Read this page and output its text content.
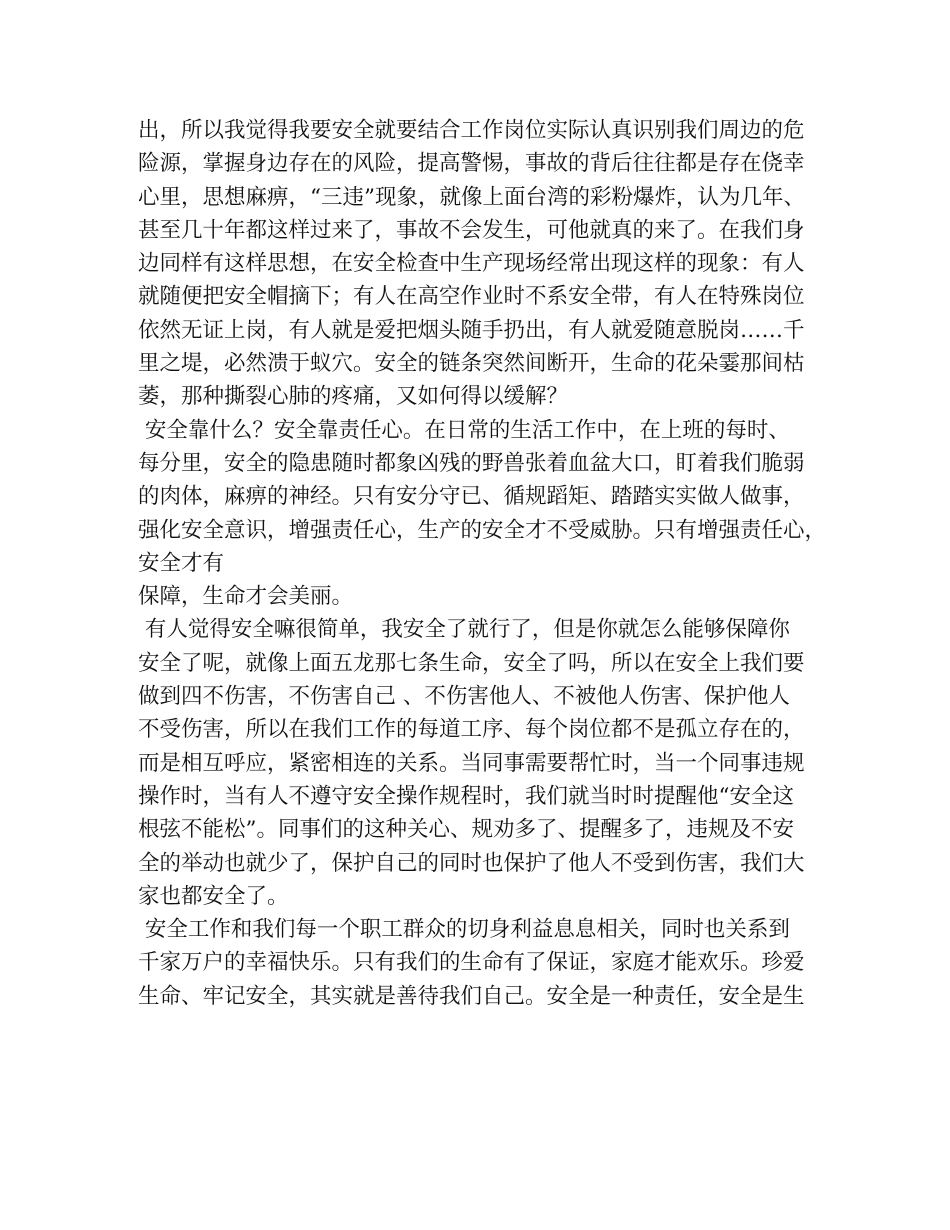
出，所以我觉得我要安全就要结合工作岗位实际认真识别我们周边的危
险源，掌握身边存在的风险，提高警惕，事故的背后往往都是存在侥幸
心里，思想麻痹，“三违”现象，就像上面台湾的彩粉爆炸，认为几年、
甚至几十年都这样过来了，事故不会发生，可他就真的来了。在我们身
边同样有这样思想，在安全检查中生产现场经常出现这样的现象：有人
就随便把安全帽摘下；有人在高空作业时不系安全带，有人在特殊岗位
依然无证上岗，有人就是爱把烟头随手扔出，有人就爱随意脱岗……千
里之堤，必然溃于蚁穴。安全的链条突然间断开，生命的花朵霎那间枯
萎，那种撕裂心肺的疼痛，又如何得以缓解？
安全靠什么？安全靠责任心。在日常的生活工作中，在上班的每时、
每分里，安全的隐患随时都象凶残的野兽张着血盆大口，盯着我们脆弱
的肉体，麻痹的神经。只有安分守已、循规蹈矩、踏踏实实做人做事，
强化安全意识，增强责任心，生产的安全才不受威胁。只有增强责任心，
安全才有
保障，生命才会美丽。
有人觉得安全嘛很简单，我安全了就行了，但是你就怎么能够保障你
安全了呢，就像上面五龙那七条生命，安全了吗，所以在安全上我们要
做到四不伤害，不伤害自己 、不伤害他人、不被他人伤害、保护他人
不受伤害，所以在我们工作的每道工序、每个岗位都不是孤立存在的，
而是相互呼应，紧密相连的关系。当同事需要帮忙时，当一个同事违规
操作时，当有人不遵守安全操作规程时，我们就当时时提醒他“安全这
根弦不能松”。同事们的这种关心、规劝多了、提醒多了，违规及不安
全的举动也就少了，保护自己的同时也保护了他人不受到伤害，我们大
家也都安全了。
安全工作和我们每一个职工群众的切身利益息息相关，同时也关系到
千家万户的幸福快乐。只有我们的生命有了保证，家庭才能欢乐。珍爱
生命、牢记安全，其实就是善待我们自己。安全是一种责任，安全是生
